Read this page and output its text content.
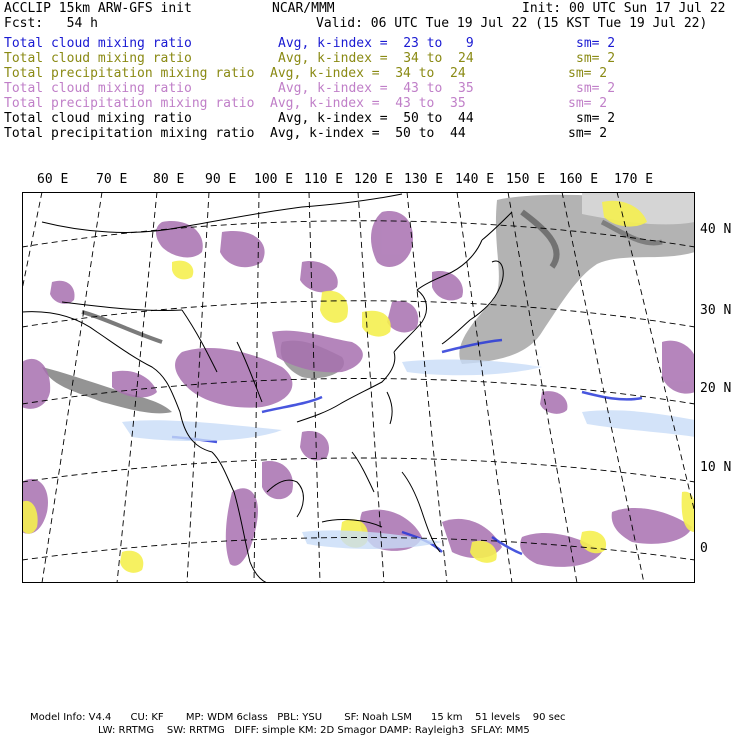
ACCLIP 15km ARW-GFS init	NCAR/MMM	Init: 00 UTC Sun 17 Jul 22
Fcst:   54 h	Valid: 06 UTC Tue 19 Jul 22 (15 KST Tue 19 Jul 22)
Total cloud mixing ratio	Avg, k-index =  23 to   9	sm= 2
Total cloud mixing ratio	Avg, k-index =  34 to  24	sm= 2
Total precipitation mixing ratio Avg, k-index =  34 to  24	sm= 2
Total cloud mixing ratio	Avg, k-index =  43 to  35	sm= 2
Total precipitation mixing ratio Avg, k-index =  43 to  35	sm= 2
Total cloud mixing ratio	Avg, k-index =  50 to  44	sm= 2
Total precipitation mixing ratio Avg, k-index =  50 to  44	sm= 2
60 E 70 E 80 E 90 E 100 E 110 E 120 E 130 E 140 E 150 E 160 E 170 E
40 N
30 N
20 N
10 N
0
Model Info: V4.4      CU: KF       MP: WDM 6class   PBL: YSU       SF: Noah LSM      15 km    51 levels    90 sec
LW: RRTMG    SW: RRTMG   DIFF: simple KM: 2D Smagor DAMP: Rayleigh3  SFLAY: MM5
